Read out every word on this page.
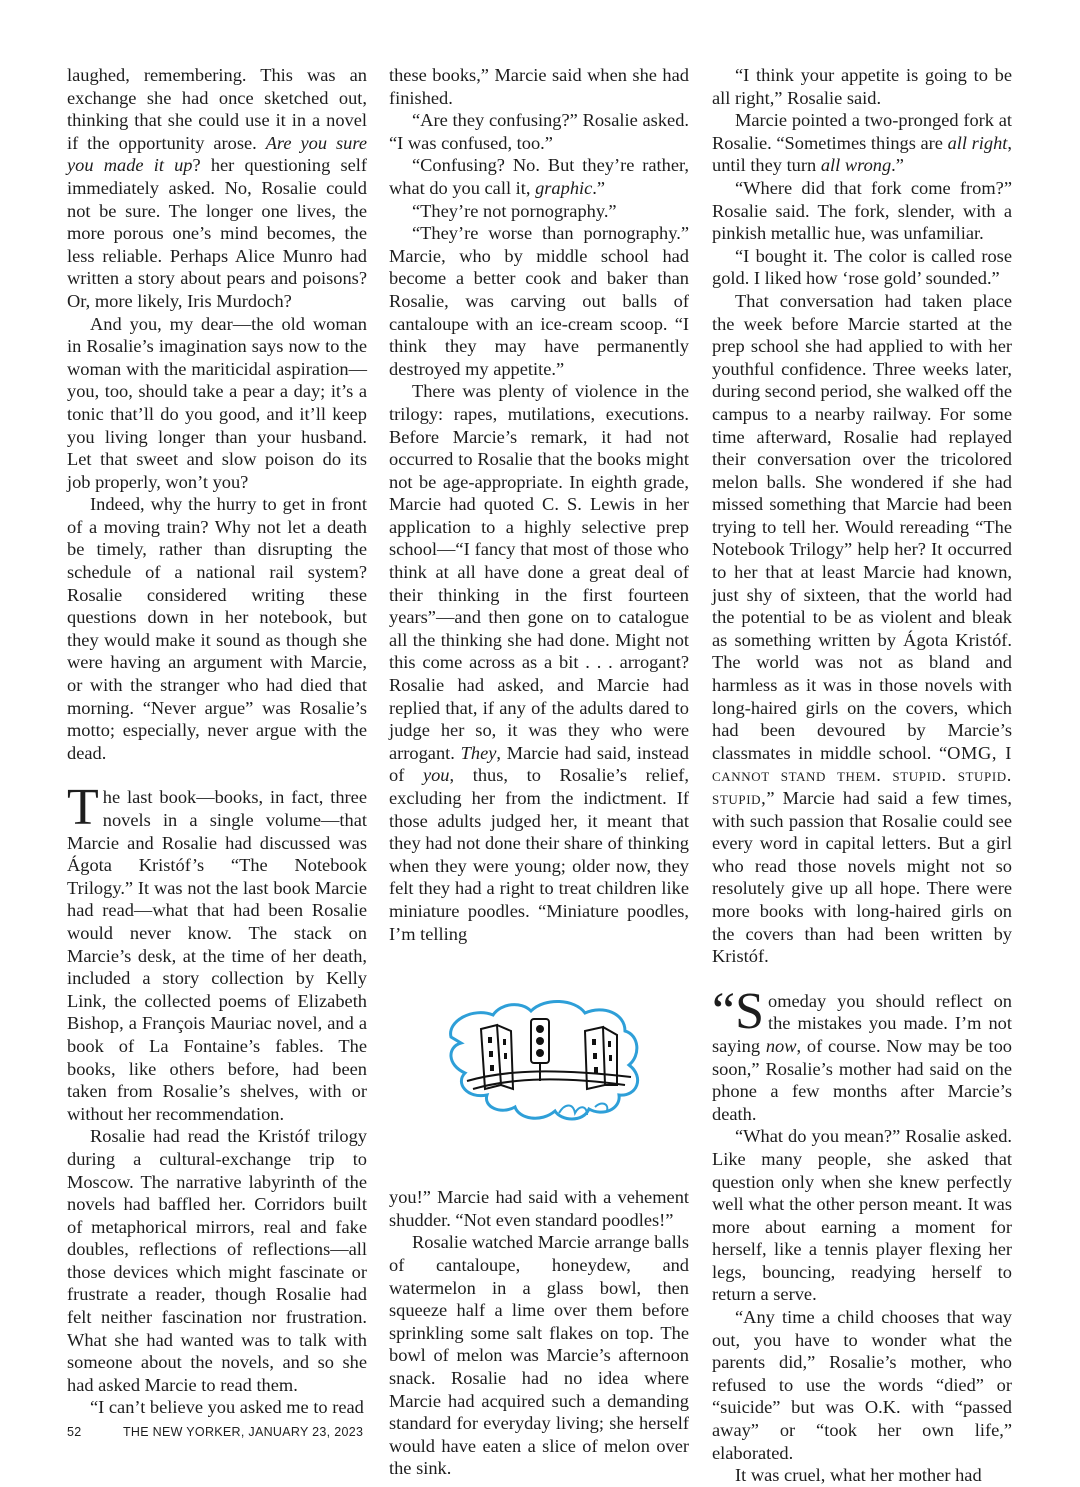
laughed, remembering. This was an exchange she had once sketched out, thinking that she could use it in a novel if the opportunity arose. Are you sure you made it up? her questioning self immediately asked. No, Rosalie could not be sure. The longer one lives, the more porous one’s mind becomes, the less reliable. Perhaps Alice Munro had written a story about pears and poisons? Or, more likely, Iris Murdoch?

And you, my dear—the old woman in Rosalie’s imagination says now to the woman with the mariticidal aspiration—you, too, should take a pear a day; it’s a tonic that’ll do you good, and it’ll keep you living longer than your husband. Let that sweet and slow poison do its job properly, won’t you?

Indeed, why the hurry to get in front of a moving train? Why not let a death be timely, rather than disrupting the schedule of a national rail system? Rosalie considered writing these questions down in her notebook, but they would make it sound as though she were having an argument with Marcie, or with the stranger who had died that morning. “Never argue” was Rosalie’s motto; especially, never argue with the dead.

The last book—books, in fact, three novels in a single volume—that Marcie and Rosalie had discussed was Ágota Kristóf’s “The Notebook Trilogy.” It was not the last book Marcie had read—what that had been Rosalie would never know. The stack on Marcie’s desk, at the time of her death, included a story collection by Kelly Link, the collected poems of Elizabeth Bishop, a François Mauriac novel, and a book of La Fontaine’s fables. The books, like others before, had been taken from Rosalie’s shelves, with or without her recommendation.

Rosalie had read the Kristóf trilogy during a cultural-exchange trip to Moscow. The narrative labyrinth of the novels had baffled her. Corridors built of metaphorical mirrors, real and fake doubles, reflections of reflections—all those devices which might fascinate or frustrate a reader, though Rosalie had felt neither fascination nor frustration. What she had wanted was to talk with someone about the novels, and so she had asked Marcie to read them.

“I can’t believe you asked me to read

these books,” Marcie said when she had finished.

“Are they confusing?” Rosalie asked. “I was confused, too.”

“Confusing? No. But they’re rather, what do you call it, graphic.”

“They’re not pornography.”

“They’re worse than pornography.” Marcie, who by middle school had become a better cook and baker than Rosalie, was carving out balls of cantaloupe with an ice-cream scoop. “I think they may have permanently destroyed my appetite.”

There was plenty of violence in the trilogy: rapes, mutilations, executions. Before Marcie’s remark, it had not occurred to Rosalie that the books might not be age-appropriate. In eighth grade, Marcie had quoted C. S. Lewis in her application to a highly selective prep school—“I fancy that most of those who think at all have done a great deal of their thinking in the first fourteen years”—and then gone on to catalogue all the thinking she had done. Might not this come across as a bit . . . arrogant? Rosalie had asked, and Marcie had replied that, if any of the adults dared to judge her so, it was they who were arrogant. They, Marcie had said, instead of you, thus, to Rosalie’s relief, excluding her from the indictment. If those adults judged her, it meant that they had not done their share of thinking when they were young; older now, they felt they had a right to treat children like miniature poodles. “Miniature poodles, I’m telling

you!” Marcie had said with a vehement shudder. “Not even standard poodles!”

Rosalie watched Marcie arrange balls of cantaloupe, honeydew, and watermelon in a glass bowl, then squeeze half a lime over them before sprinkling some salt flakes on top. The bowl of melon was Marcie’s afternoon snack. Rosalie had no idea where Marcie had acquired such a demanding standard for everyday living; she herself would have eaten a slice of melon over the sink.

“I think your appetite is going to be all right,” Rosalie said.

Marcie pointed a two-pronged fork at Rosalie. “Sometimes things are all right, until they turn all wrong.”

“Where did that fork come from?” Rosalie said. The fork, slender, with a pinkish metallic hue, was unfamiliar.

“I bought it. The color is called rose gold. I liked how ‘rose gold’ sounded.”

That conversation had taken place the week before Marcie started at the prep school she had applied to with her youthful confidence. Three weeks later, during second period, she walked off the campus to a nearby railway. For some time afterward, Rosalie had replayed their conversation over the tricolored melon balls. She wondered if she had missed something that Marcie had been trying to tell her. Would rereading “The Notebook Trilogy” help her? It occurred to her that at least Marcie had known, just shy of sixteen, that the world had the potential to be as violent and bleak as something written by Ágota Kristóf. The world was not as bland and harmless as it was in those novels with long-haired girls on the covers, which had been devoured by Marcie’s classmates in middle school. “OMG, I cannot stand them. stupid. stupid. stupid,” Marcie had said a few times, with such passion that Rosalie could see every word in capital letters. But a girl who read those novels might not so resolutely give up all hope. There were more books with long-haired girls on the covers than had been written by Kristóf.

“Someday you should reflect on the mistakes you made. I’m not saying now, of course. Now may be too soon,” Rosalie’s mother had said on the phone a few months after Marcie’s death.

“What do you mean?” Rosalie asked. Like many people, she asked that question only when she knew perfectly well what the other person meant. It was more about earning a moment for herself, like a tennis player flexing her legs, bouncing, readying herself to return a serve.

“Any time a child chooses that way out, you have to wonder what the parents did,” Rosalie’s mother, who refused to use the words “died” or “suicide” but was O.K. with “passed away” or “took her own life,” elaborated.

It was cruel, what her mother had

52	THE NEW YORKER, JANUARY 23, 2023
